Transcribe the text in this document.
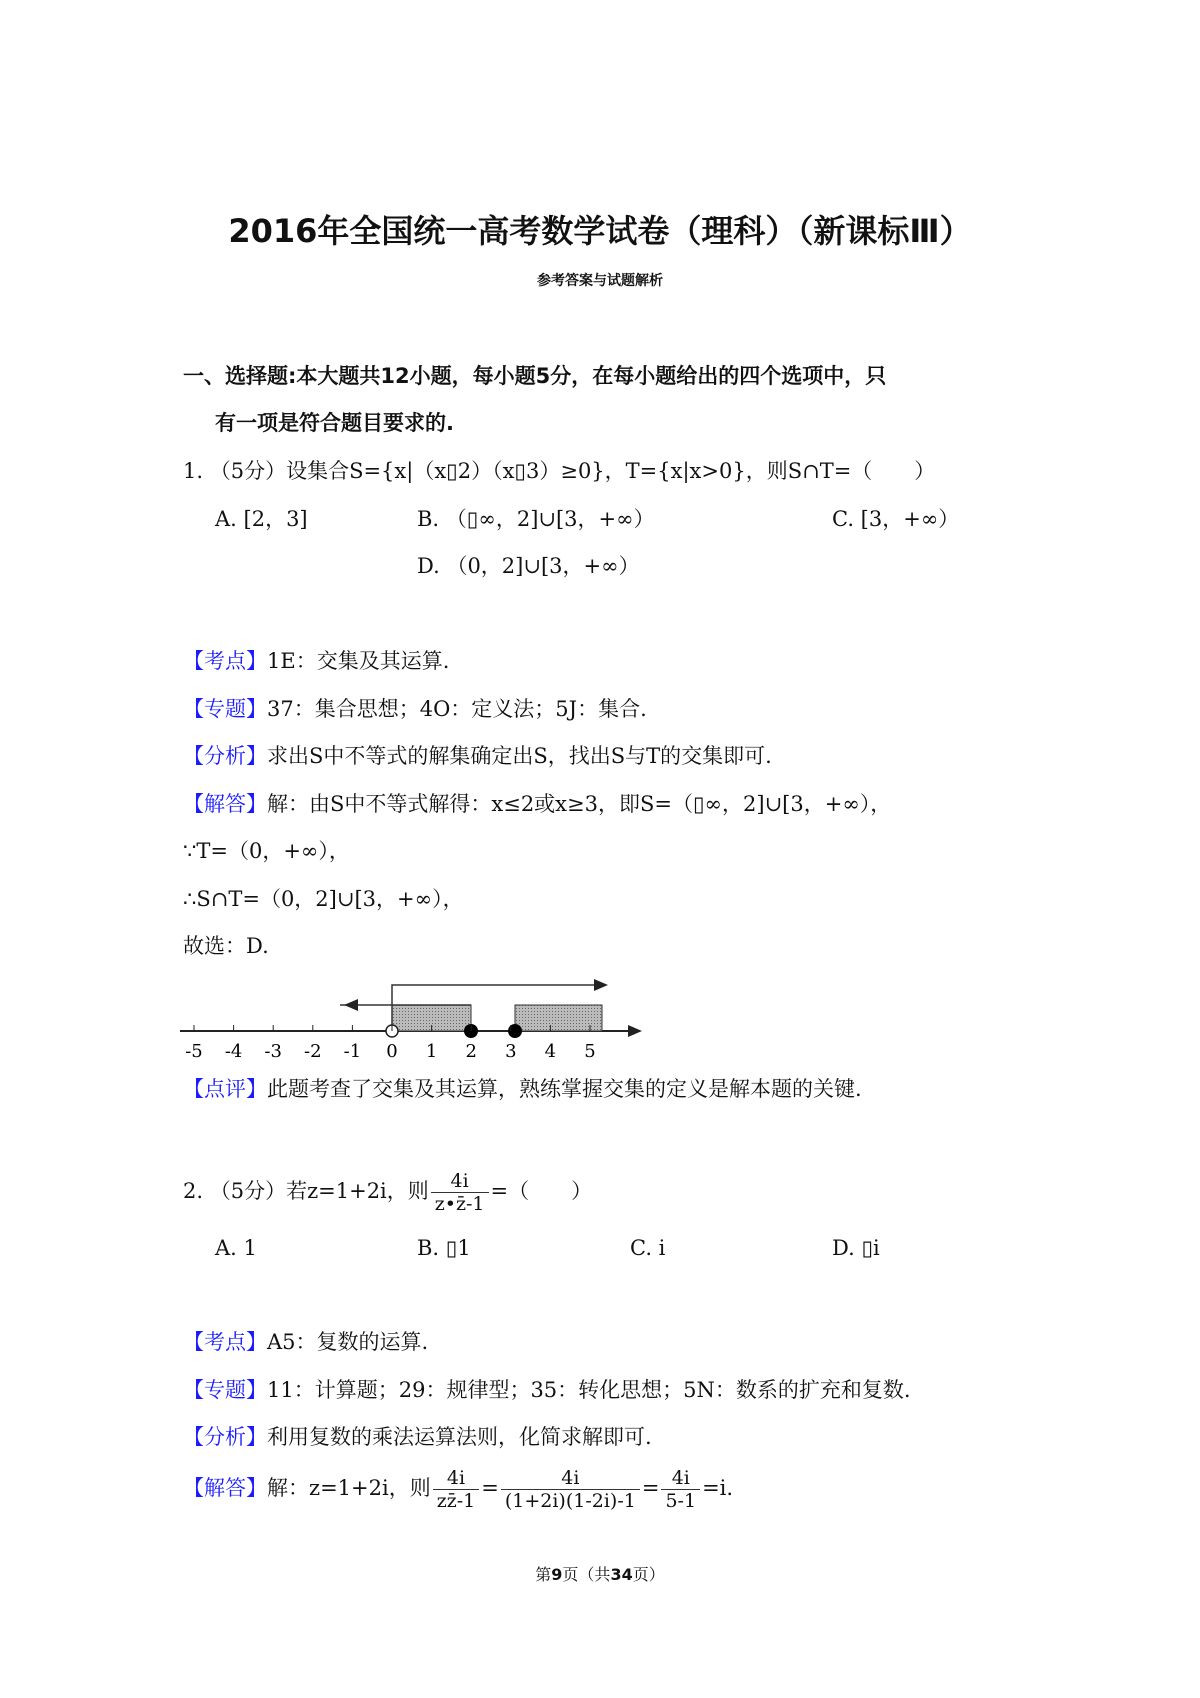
2016年全国统一高考数学试卷（理科）（新课标Ⅲ）
参考答案与试题解析
一、选择题:本大题共12小题，每小题5分，在每小题给出的四个选项中，只
有一项是符合题目要求的.
1. （5分）设集合S={x|（x▯2）（x▯3）≥0}，T={x|x>0}，则S∩T=（　　）
A. [2，3]	B. （▯∞，2]∪[3，+∞）	C. [3，+∞）
D. （0，2]∪[3，+∞）
【考点】1E：交集及其运算.
【专题】37：集合思想；4O：定义法；5J：集合.
【分析】求出S中不等式的解集确定出S，找出S与T的交集即可.
【解答】解：由S中不等式解得：x≤2或x≥3，即S=（▯∞，2]∪[3，+∞），
∵T=（0，+∞），
∴S∩T=（0，2]∪[3，+∞），
故选：D.
-5 -4 -3 -2 -1 0 1 2 3 4 5
【点评】此题考查了交集及其运算，熟练掌握交集的定义是解本题的关键.
2. （5分）若z=1+2i，则 $\frac{4i}{z•z̄-1}$ =（　　）
A. 1	B. ▯1	C. i	D. ▯i
【考点】A5：复数的运算.
【专题】11：计算题；29：规律型；35：转化思想；5N：数系的扩充和复数.
【分析】利用复数的乘法运算法则，化简求解即可.
【解答】解：z=1+2i，则 $\frac{4i}{zz̄-1} = \frac{4i}{(1+2i)(1-2i)-1} = \frac{4i}{5-1} =i$.
第9页（共34页）
